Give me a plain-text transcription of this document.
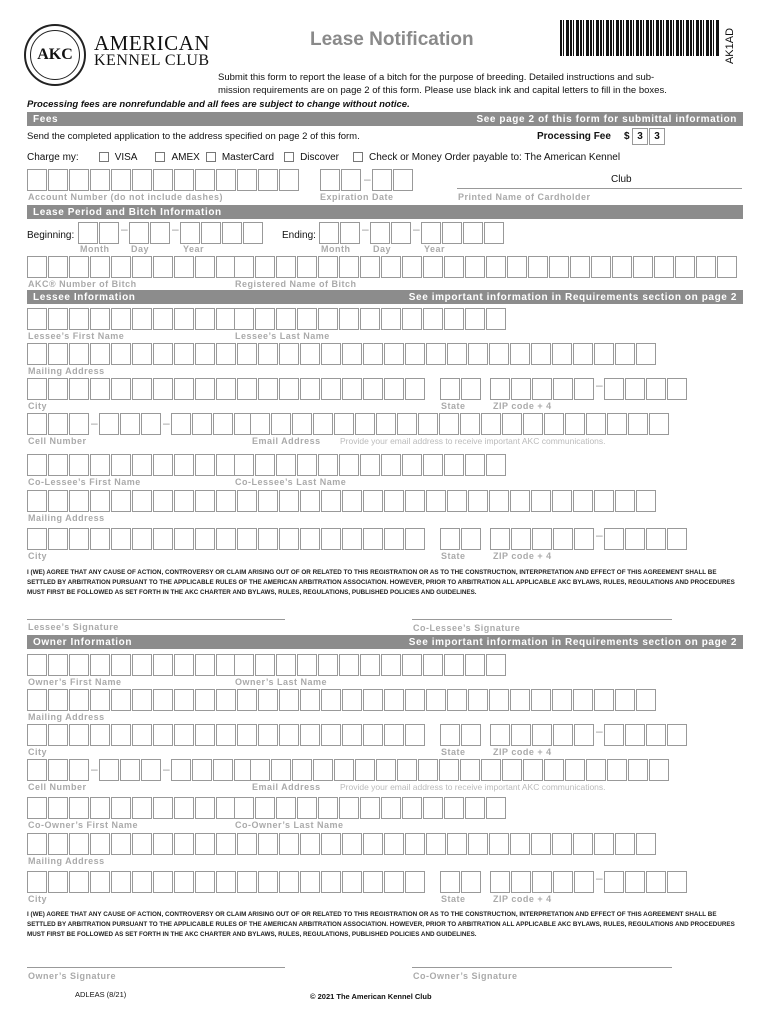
AKC	AMERICAN
KENNEL CLUB
Lease Notification	AK1AD
Submit this form to report the lease of a bitch for the purpose of breeding. Detailed instructions and sub-
mission requirements are on page 2 of this form. Please use black ink and capital letters to fill in the boxes.
Processing fees are nonrefundable and all fees are subject to change without notice.
Fees	See page 2 of this form for submittal information
Send the completed application to the address specified on page 2 of this form.	Processing Fee $ 3	3
Charge my:	VISA	AMEX MasterCard	Discover	Check or Money Order payable to: The American Kennel
–	Club
Account Number (do not include dashes)	Expiration Date	Printed Name of Cardholder
Lease Period and Bitch Information
Beginning:	–	–	Ending:	–	–
Month Day	Year	Month	Day	Year
AKC® Number of Bitch	Registered Name of Bitch
Lessee Information	See important information in Requirements section on page 2
Lessee’s First Name	Lessee’s Last Name
Mailing Address
–
City	State	ZIP code + 4
–	–
Cell Number	Email Address Provide your email address to receive important AKC communications.
Co-Lessee’s First Name	Co-Lessee’s Last Name
Mailing Address
–
City	State	ZIP code + 4
I (WE) AGREE THAT ANY CAUSE OF ACTION, CONTROVERSY OR CLAIM ARISING OUT OF OR RELATED TO THIS REGISTRATION OR AS TO THE CONSTRUCTION, INTERPRETATION AND EFFECT OF THIS AGREEMENT SHALL BE SETTLED BY ARBITRATION PURSUANT TO THE APPLICABLE RULES OF THE AMERICAN ARBITRATION ASSOCIATION. HOWEVER, PRIOR TO ARBITRATION ALL APPLICABLE AKC BYLAWS, RULES, REGULATIONS AND PROCEDURES MUST FIRST BE FOLLOWED AS SET FORTH IN THE AKC CHARTER AND BYLAWS, RULES, REGULATIONS, PUBLISHED POLICIES AND GUIDELINES.
Lessee’s Signature	Co-Lessee’s Signature
Owner Information	See important information in Requirements section on page 2
Owner’s First Name	Owner’s Last Name
Mailing Address
–
City	State	ZIP code + 4
–	–
Cell Number	Email Address Provide your email address to receive important AKC communications.
Co-Owner’s First Name	Co-Owner’s Last Name
Mailing Address
–
City	State	ZIP code + 4
I (WE) AGREE THAT ANY CAUSE OF ACTION, CONTROVERSY OR CLAIM ARISING OUT OF OR RELATED TO THIS REGISTRATION OR AS TO THE CONSTRUCTION, INTERPRETATION AND EFFECT OF THIS AGREEMENT SHALL BE SETTLED BY ARBITRATION PURSUANT TO THE APPLICABLE RULES OF THE AMERICAN ARBITRATION ASSOCIATION. HOWEVER, PRIOR TO ARBITRATION ALL APPLICABLE AKC BYLAWS, RULES, REGULATIONS AND PROCEDURES MUST FIRST BE FOLLOWED AS SET FORTH IN THE AKC CHARTER AND BYLAWS, RULES, REGULATIONS, PUBLISHED POLICIES AND GUIDELINES.
Owner’s Signature	Co-Owner’s Signature
ADLEAS (8/21)	© 2021 The American Kennel Club
